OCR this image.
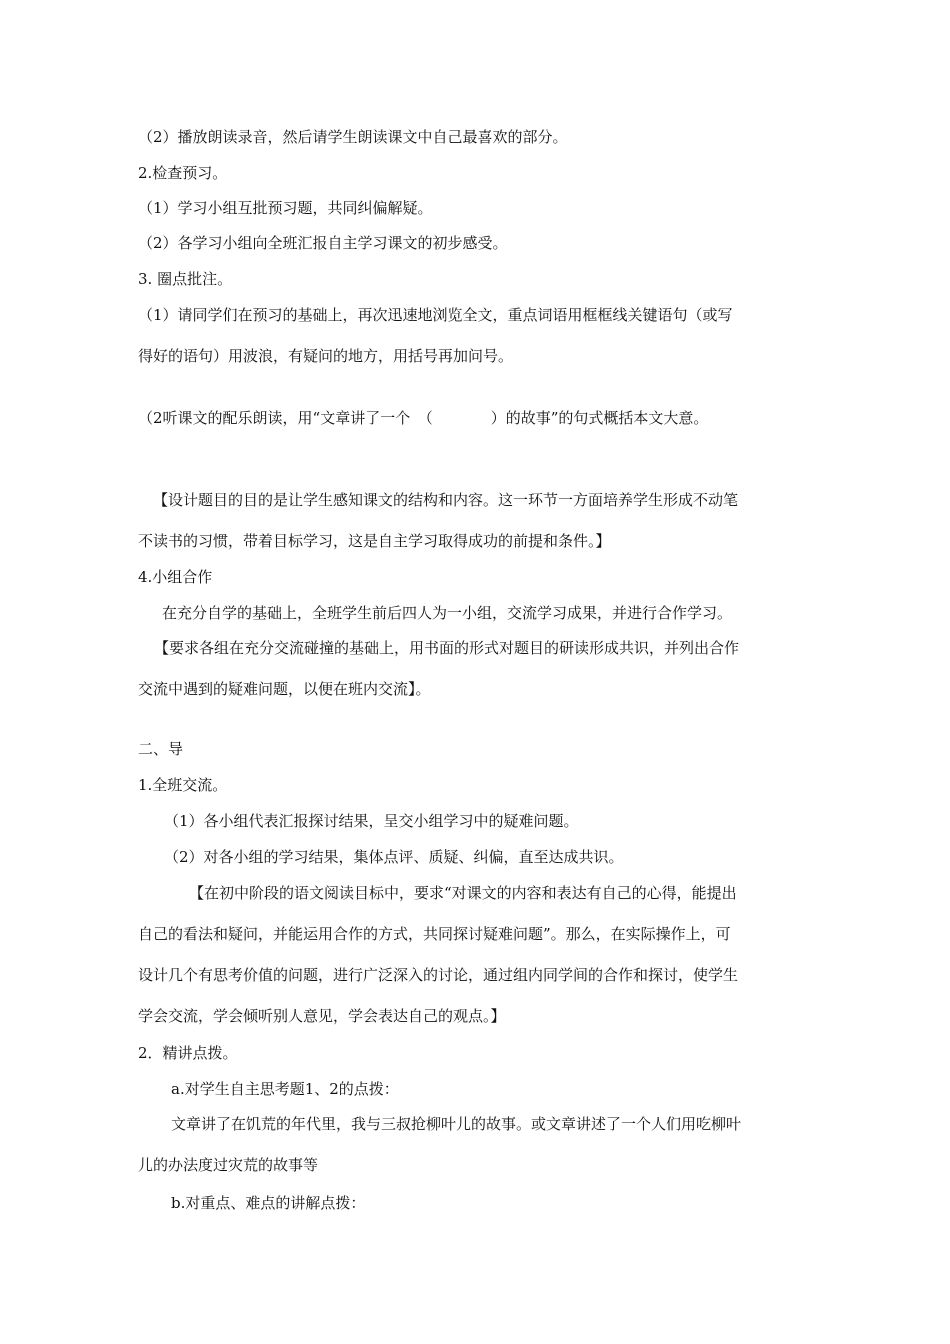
（2）播放朗读录音，然后请学生朗读课文中自己最喜欢的部分。
2.检查预习。
（1）学习小组互批预习题，共同纠偏解疑。
（2）各学习小组向全班汇报自主学习课文的初步感受。
3. 圈点批注。
（1）请同学们在预习的基础上，再次迅速地浏览全文，重点词语用框框线关键语句（或写
得好的语句）用波浪，有疑问的地方，用括号再加问号。
（2听课文的配乐朗读，用“文章讲了一个　（	）的故事”的句式概括本文大意。
【设计题目的目的是让学生感知课文的结构和内容。这一环节一方面培养学生形成不动笔
不读书的习惯，带着目标学习，这是自主学习取得成功的前提和条件。】
4.小组合作
在充分自学的基础上，全班学生前后四人为一小组，交流学习成果，并进行合作学习。
【要求各组在充分交流碰撞的基础上，用书面的形式对题目的研读形成共识，并列出合作
交流中遇到的疑难问题，以便在班内交流】。
二、导
1.全班交流。
（1）各小组代表汇报探讨结果，呈交小组学习中的疑难问题。
（2）对各小组的学习结果，集体点评、质疑、纠偏，直至达成共识。
【在初中阶段的语文阅读目标中，要求“对课文的内容和表达有自己的心得，能提出
自己的看法和疑问，并能运用合作的方式，共同探讨疑难问题”。那么，在实际操作上，可
设计几个有思考价值的问题，进行广泛深入的讨论，通过组内同学间的合作和探讨，使学生
学会交流，学会倾听别人意见，学会表达自己的观点。】
2．精讲点拨。
a.对学生自主思考题1、2的点拨：
文章讲了在饥荒的年代里，我与三叔抢柳叶儿的故事。或文章讲述了一个人们用吃柳叶
儿的办法度过灾荒的故事等
b.对重点、难点的讲解点拨：
